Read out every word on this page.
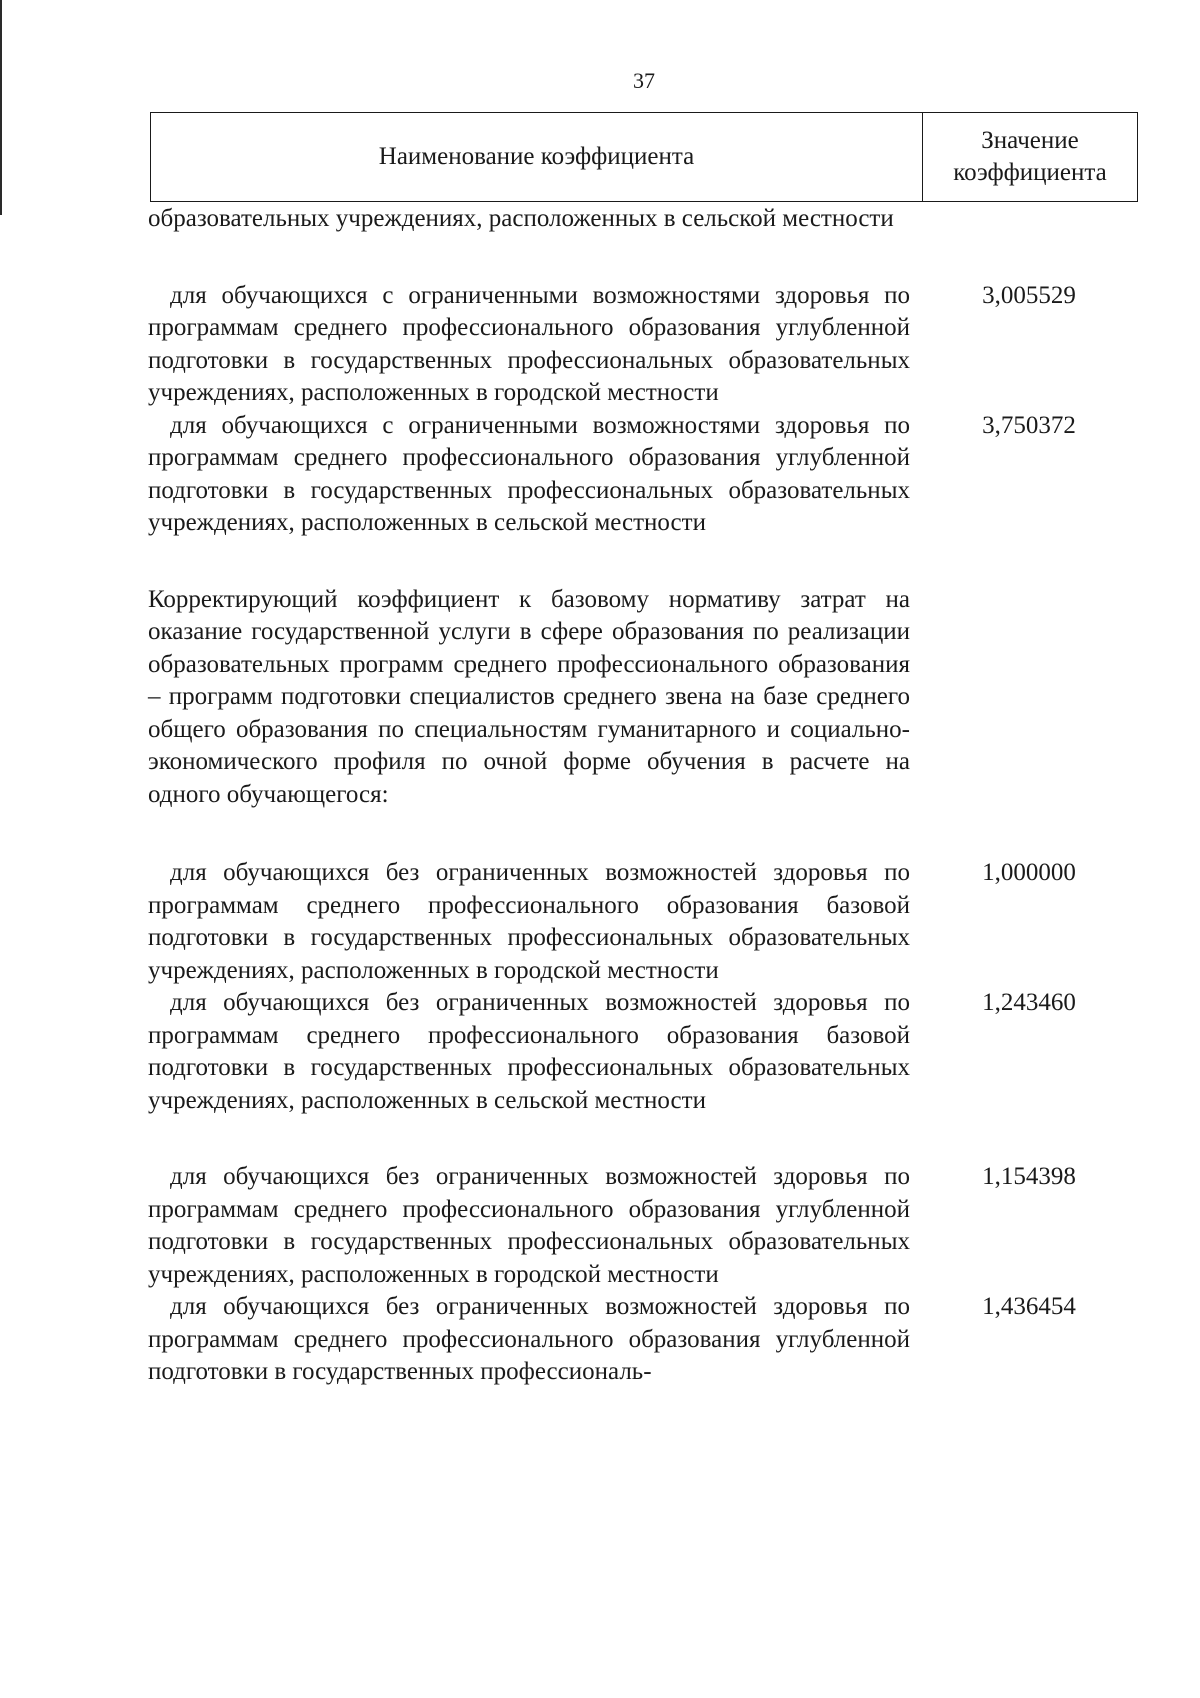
37
Наименование коэффициента
Значение коэффициента
образовательных учреждениях, расположенных в сельской местности
для обучающихся с ограниченными возможностями здоровья по программам среднего профессионального образования углубленной подготовки в государственных профессиональных образовательных учреждениях, расположенных в городской местности
3,005529
для обучающихся с ограниченными возможностями здоровья по программам среднего профессионального образования углубленной подготовки в государственных профессиональных образовательных учреждениях, расположенных в сельской местности
3,750372
Корректирующий коэффициент к базовому нормативу затрат на оказание государственной услуги в сфере образования по реализации образовательных программ среднего профессионального образования – программ подготовки специалистов среднего звена на базе среднего общего образования по специальностям гуманитарного и социально-экономического профиля по очной форме обучения в расчете на одного обучающегося:
для обучающихся без ограниченных возможностей здоровья по программам среднего профессионального образования базовой подготовки в государственных профессиональных образовательных учреждениях, расположенных в городской местности
1,000000
для обучающихся без ограниченных возможностей здоровья по программам среднего профессионального образования базовой подготовки в государственных профессиональных образовательных учреждениях, расположенных в сельской местности
1,243460
для обучающихся без ограниченных возможностей здоровья по программам среднего профессионального образования углубленной подготовки в государственных профессиональных образовательных учреждениях, расположенных в городской местности
1,154398
для обучающихся без ограниченных возможностей здоровья по программам среднего профессионального образования углубленной подготовки в государственных профессиональ-
1,436454
